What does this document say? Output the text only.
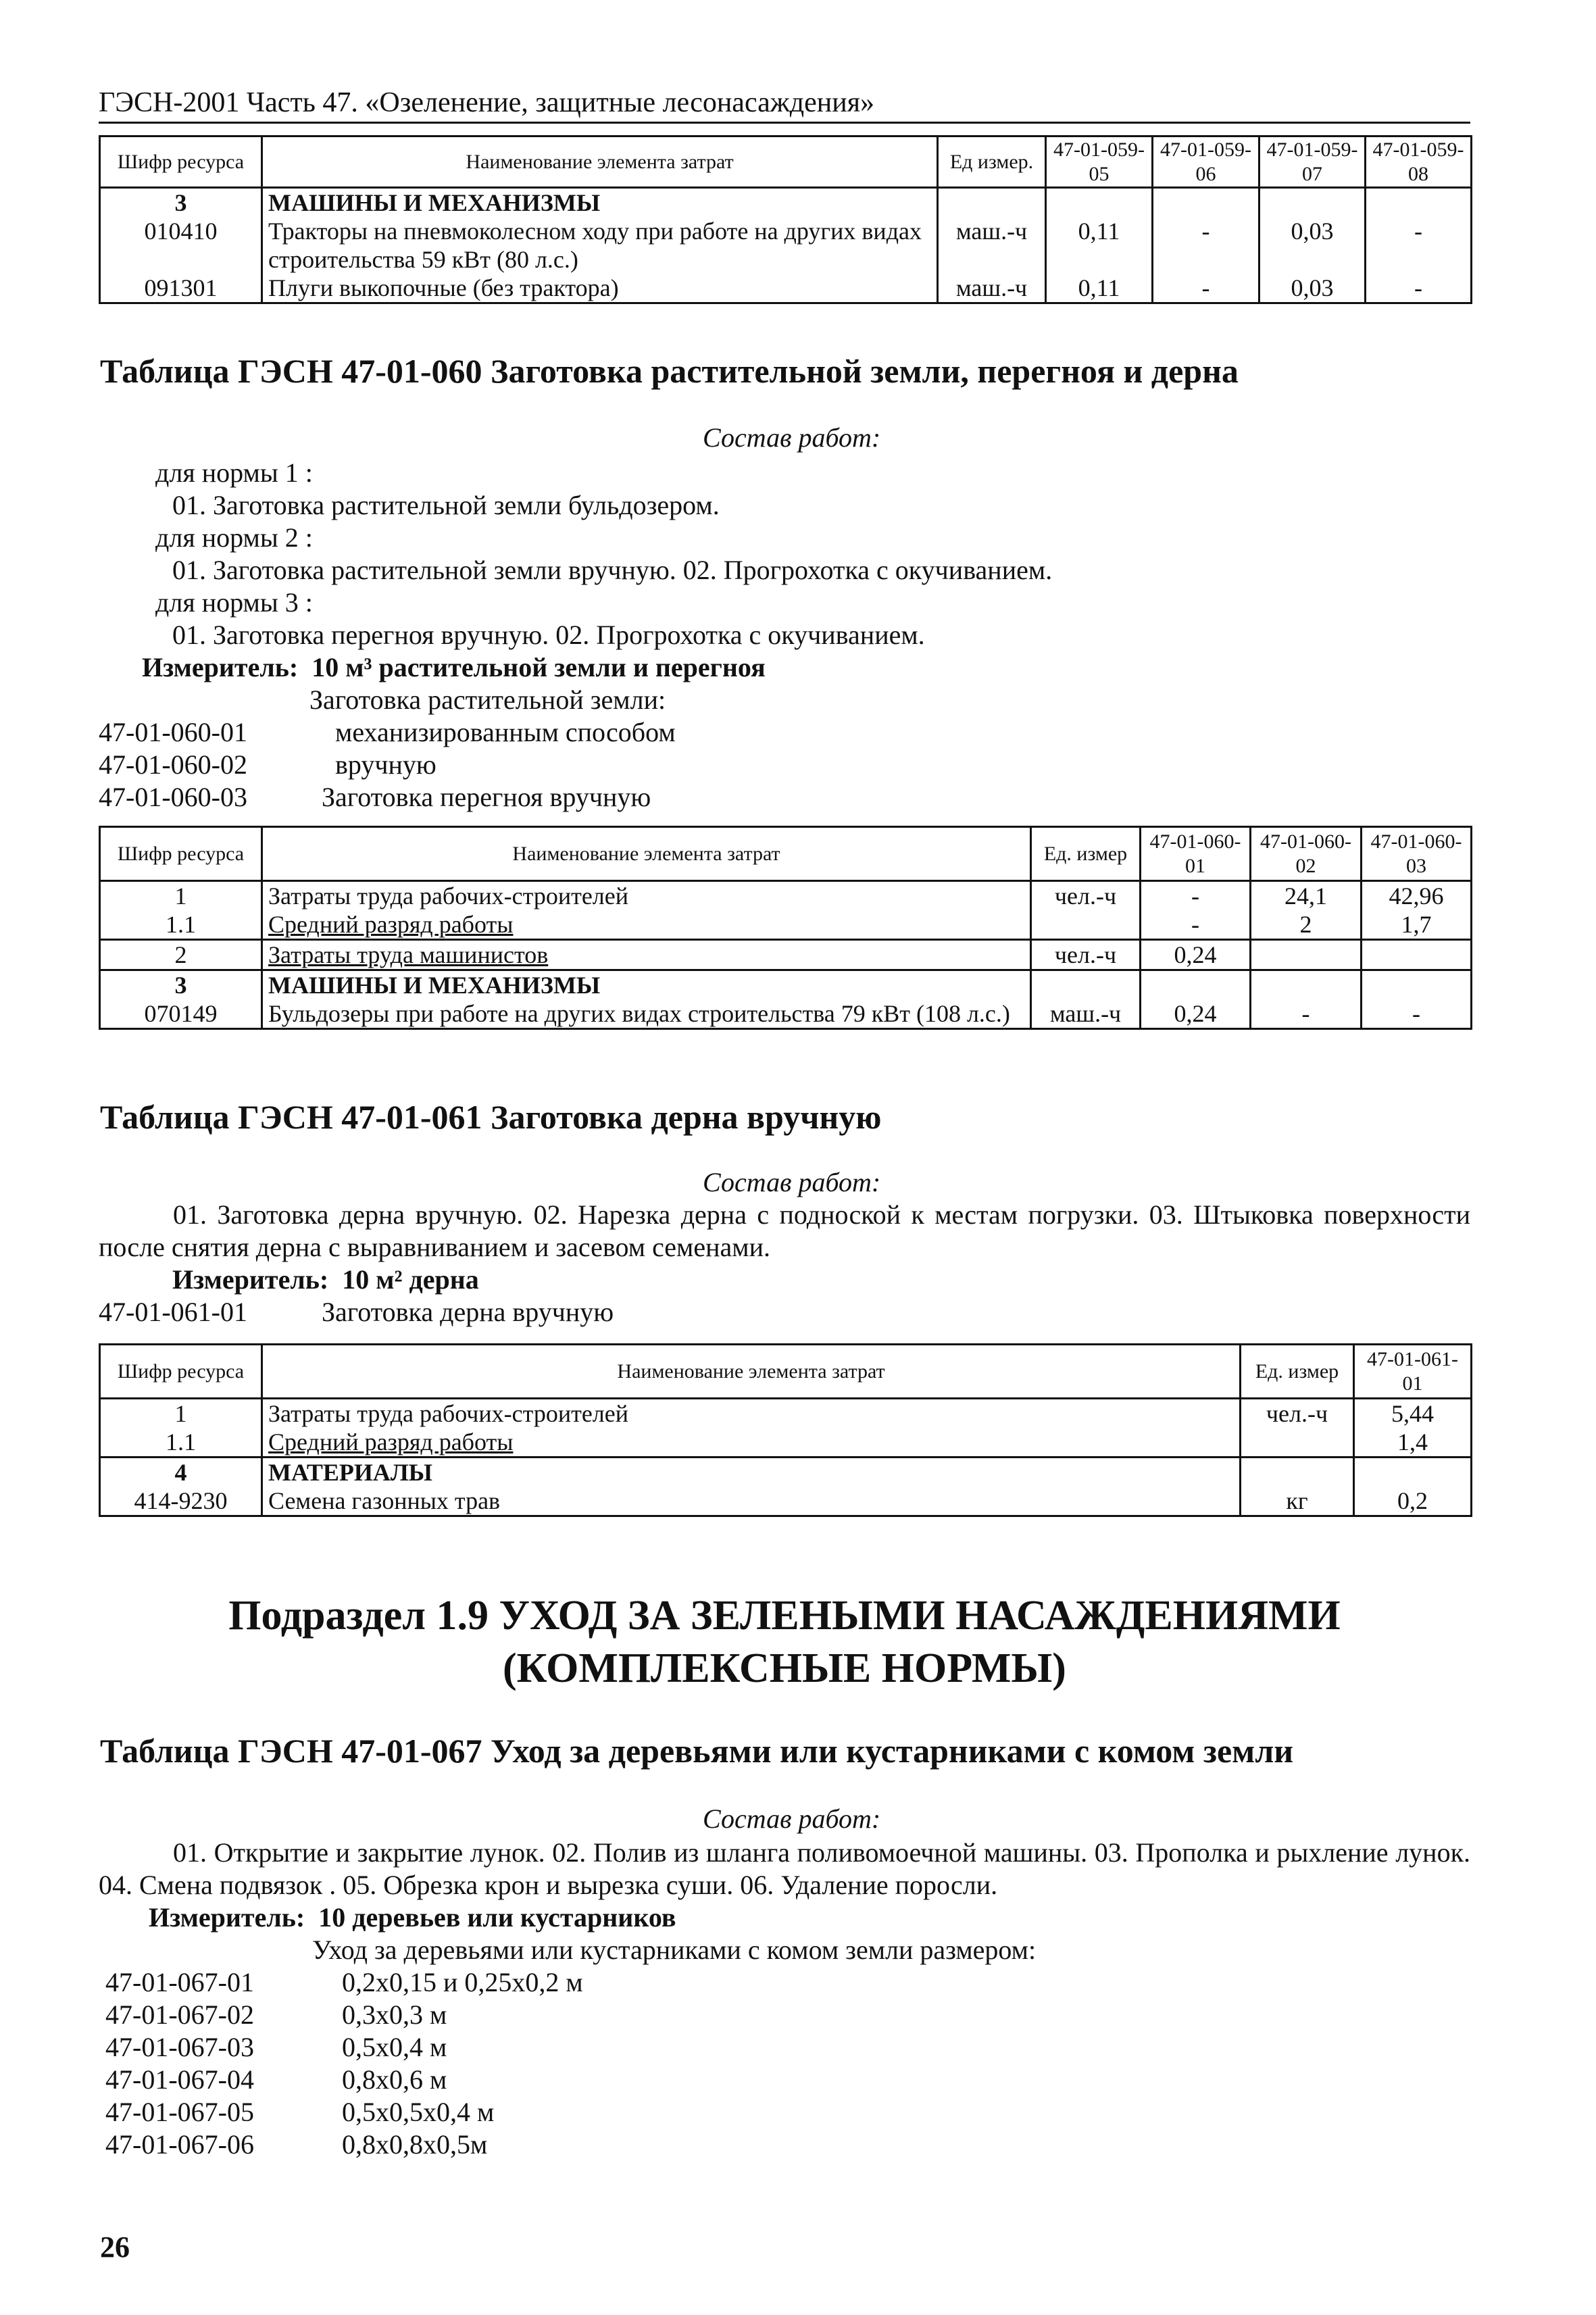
ГЭСН-2001 Часть 47. «Озеленение, защитные лесонасаждения»
Шифр ресурса	Наименование элемента затрат	Ед измер.	47-01-059-05	47-01-059-06	47-01-059-07	47-01-059-08
3	МАШИНЫ И МЕХАНИЗМЫ					
010410	Тракторы на пневмоколесном ходу при работе на других видах строительства 59 кВт (80 л.с.)	маш.-ч	0,11	-	0,03	-
091301	Плуги выкопочные (без трактора)	маш.-ч	0,11	-	0,03	-
Таблица ГЭСН 47-01-060 Заготовка растительной земли, перегноя и дерна
Состав работ:
для нормы 1 :
01. Заготовка растительной земли бульдозером.
для нормы 2 :
01. Заготовка растительной земли вручную. 02. Прогрохотка с окучиванием.
для нормы 3 :
01. Заготовка перегноя вручную. 02. Прогрохотка с окучиванием.
Измеритель: 10 м³ растительной земли и перегноя
Заготовка растительной земли:
47-01-060-01	механизированным способом
47-01-060-02	вручную
47-01-060-03	Заготовка перегноя вручную
Шифр ресурса	Наименование элемента затрат	Ед. измер	47-01-060-01	47-01-060-02	47-01-060-03
1	Затраты труда рабочих-строителей	чел.-ч	-	24,1	42,96
1.1	Средний разряд работы		-	2	1,7
2	Затраты труда машинистов	чел.-ч	0,24		
3	МАШИНЫ И МЕХАНИЗМЫ				
070149	Бульдозеры при работе на других видах строительства 79 кВт (108 л.с.)	маш.-ч	0,24	-	-
Таблица ГЭСН 47-01-061 Заготовка дерна вручную
Состав работ:
01. Заготовка дерна вручную. 02. Нарезка дерна с подноской к местам погрузки. 03. Штыковка поверхности после снятия дерна с выравниванием и засевом семенами.
Измеритель: 10 м² дерна
47-01-061-01	Заготовка дерна вручную
Шифр ресурса	Наименование элемента затрат	Ед. измер	47-01-061-01
1	Затраты труда рабочих-строителей	чел.-ч	5,44
1.1	Средний разряд работы		1,4
4	МАТЕРИАЛЫ		
414-9230	Семена газонных трав	кг	0,2
Подраздел 1.9 УХОД ЗА ЗЕЛЕНЫМИ НАСАЖДЕНИЯМИ
(КОМПЛЕКСНЫЕ НОРМЫ)
Таблица ГЭСН 47-01-067 Уход за деревьями или кустарниками с комом земли
Состав работ:
01. Открытие и закрытие лунок. 02. Полив из шланга поливомоечной машины. 03. Прополка и рыхление лунок. 04. Смена подвязок . 05. Обрезка крон и вырезка суши. 06. Удаление поросли.
Измеритель: 10 деревьев или кустарников
Уход за деревьями или кустарниками с комом земли размером:
47-01-067-01	0,2х0,15 и 0,25х0,2 м
47-01-067-02	0,3х0,3 м
47-01-067-03	0,5х0,4 м
47-01-067-04	0,8х0,6 м
47-01-067-05	0,5х0,5х0,4 м
47-01-067-06	0,8х0,8х0,5м
26
